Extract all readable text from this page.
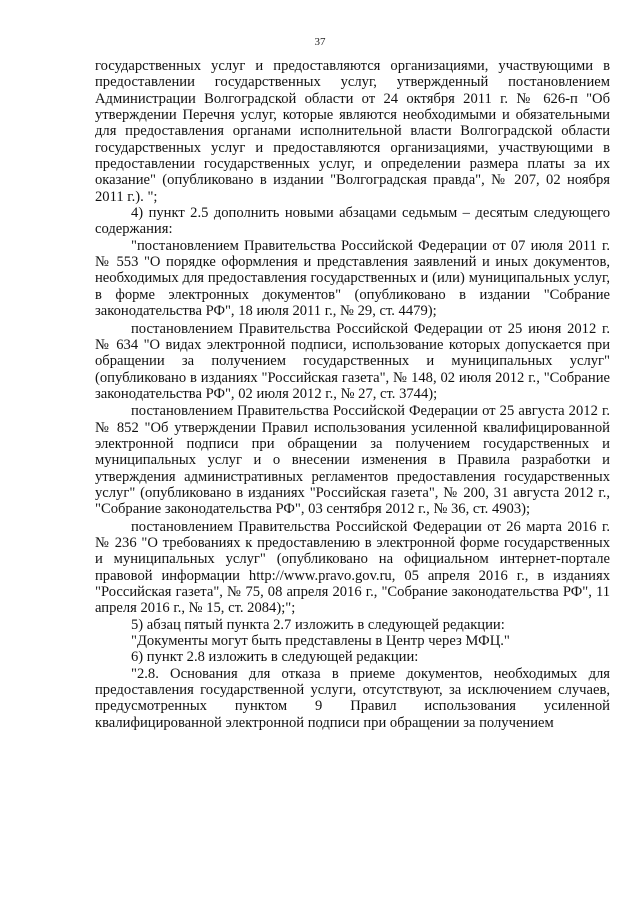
37

государственных услуг и предоставляются организациями, участвующими в предоставлении государственных услуг, утвержденный постановлением Администрации Волгоградской области от 24 октября 2011 г. № 626-п "Об утверждении Перечня услуг, которые являются необходимыми и обязательными для предоставления органами исполнительной власти Волгоградской области государственных услуг и предоставляются организациями, участвующими в предоставлении государственных услуг, и определении размера платы за их оказание" (опубликовано в издании "Волгоградская правда", № 207, 02 ноября 2011 г.). ";

4) пункт 2.5 дополнить новыми абзацами седьмым – десятым следующего содержания:

"постановлением Правительства Российской Федерации от 07 июля 2011 г. № 553 "О порядке оформления и представления заявлений и иных документов, необходимых для предоставления государственных и (или) муниципальных услуг, в форме электронных документов" (опубликовано в издании "Собрание законодательства РФ", 18 июля 2011 г., № 29, ст. 4479);

постановлением Правительства Российской Федерации от 25 июня 2012 г. № 634 "О видах электронной подписи, использование которых допускается при обращении за получением государственных и муниципальных услуг" (опубликовано в изданиях "Российская газета", № 148, 02 июля 2012 г., "Собрание законодательства РФ", 02 июля 2012 г., № 27, ст. 3744);

постановлением Правительства Российской Федерации от 25 августа 2012 г. № 852 "Об утверждении Правил использования усиленной квалифицированной электронной подписи при обращении за получением государственных и муниципальных услуг и о внесении изменения в Правила разработки и утверждения административных регламентов предоставления государственных услуг" (опубликовано в изданиях "Российская газета", № 200, 31 августа 2012 г., "Собрание законодательства РФ", 03 сентября 2012 г., № 36, ст. 4903);

постановлением Правительства Российской Федерации от 26 марта 2016 г. № 236 "О требованиях к предоставлению в электронной форме государственных и муниципальных услуг" (опубликовано на официальном интернет-портале правовой информации http://www.pravo.gov.ru, 05 апреля 2016 г., в изданиях "Российская газета", № 75, 08 апреля 2016 г., "Собрание законодательства РФ", 11 апреля 2016 г., № 15, ст. 2084);";

5) абзац пятый пункта 2.7 изложить в следующей редакции:

"Документы могут быть представлены в Центр через МФЦ."

6) пункт 2.8 изложить в следующей редакции:

"2.8. Основания для отказа в приеме документов, необходимых для предоставления государственной услуги, отсутствуют, за исключением случаев, предусмотренных пунктом 9 Правил использования усиленной квалифицированной электронной подписи при обращении за получением
